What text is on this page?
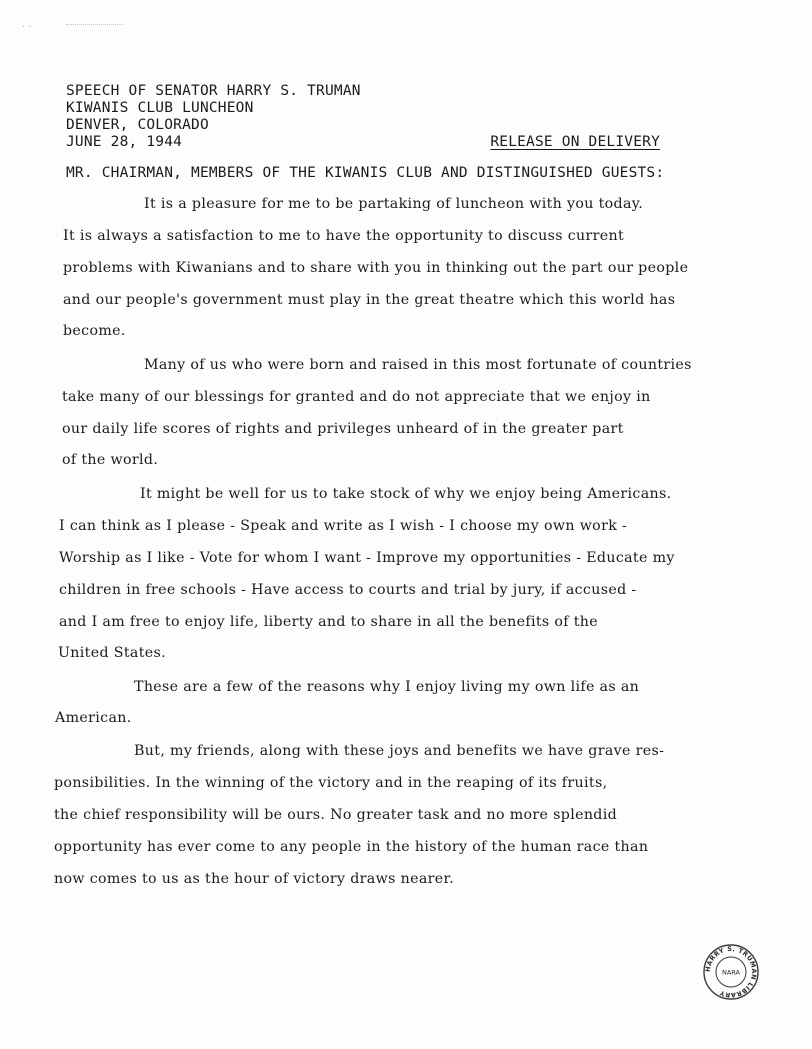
SPEECH OF SENATOR HARRY S. TRUMAN
KIWANIS CLUB LUNCHEON
DENVER, COLORADO
JUNE 28, 1944	RELEASE ON DELIVERY
MR. CHAIRMAN, MEMBERS OF THE KIWANIS CLUB AND DISTINGUISHED GUESTS:
It is a pleasure for me to be partaking of luncheon with you today.
It is always a satisfaction to me to have the opportunity to discuss current
problems with Kiwanians and to share with you in thinking out the part our people
and our people's government must play in the great theatre which this world has
become.
Many of us who were born and raised in this most fortunate of countries
take many of our blessings for granted and do not appreciate that we enjoy in
our daily life scores of rights and privileges unheard of in the greater part
of the world.
It might be well for us to take stock of why we enjoy being Americans.
I can think as I please - Speak and write as I wish - I choose my own work -
Worship as I like - Vote for whom I want - Improve my opportunities - Educate my
children in free schools - Have access to courts and trial by jury, if accused -
and I am free to enjoy life, liberty and to share in all the benefits of the
United States.
These are a few of the reasons why I enjoy living my own life as an
American.
But, my friends, along with these joys and benefits we have grave res-
ponsibilities. In the winning of the victory and in the reaping of its fruits,
the chief responsibility will be ours. No greater task and no more splendid
opportunity has ever come to any people in the history of the human race than
now comes to us as the hour of victory draws nearer.
· ·
HARRY S. TRUMAN LIBRARY
NARA
